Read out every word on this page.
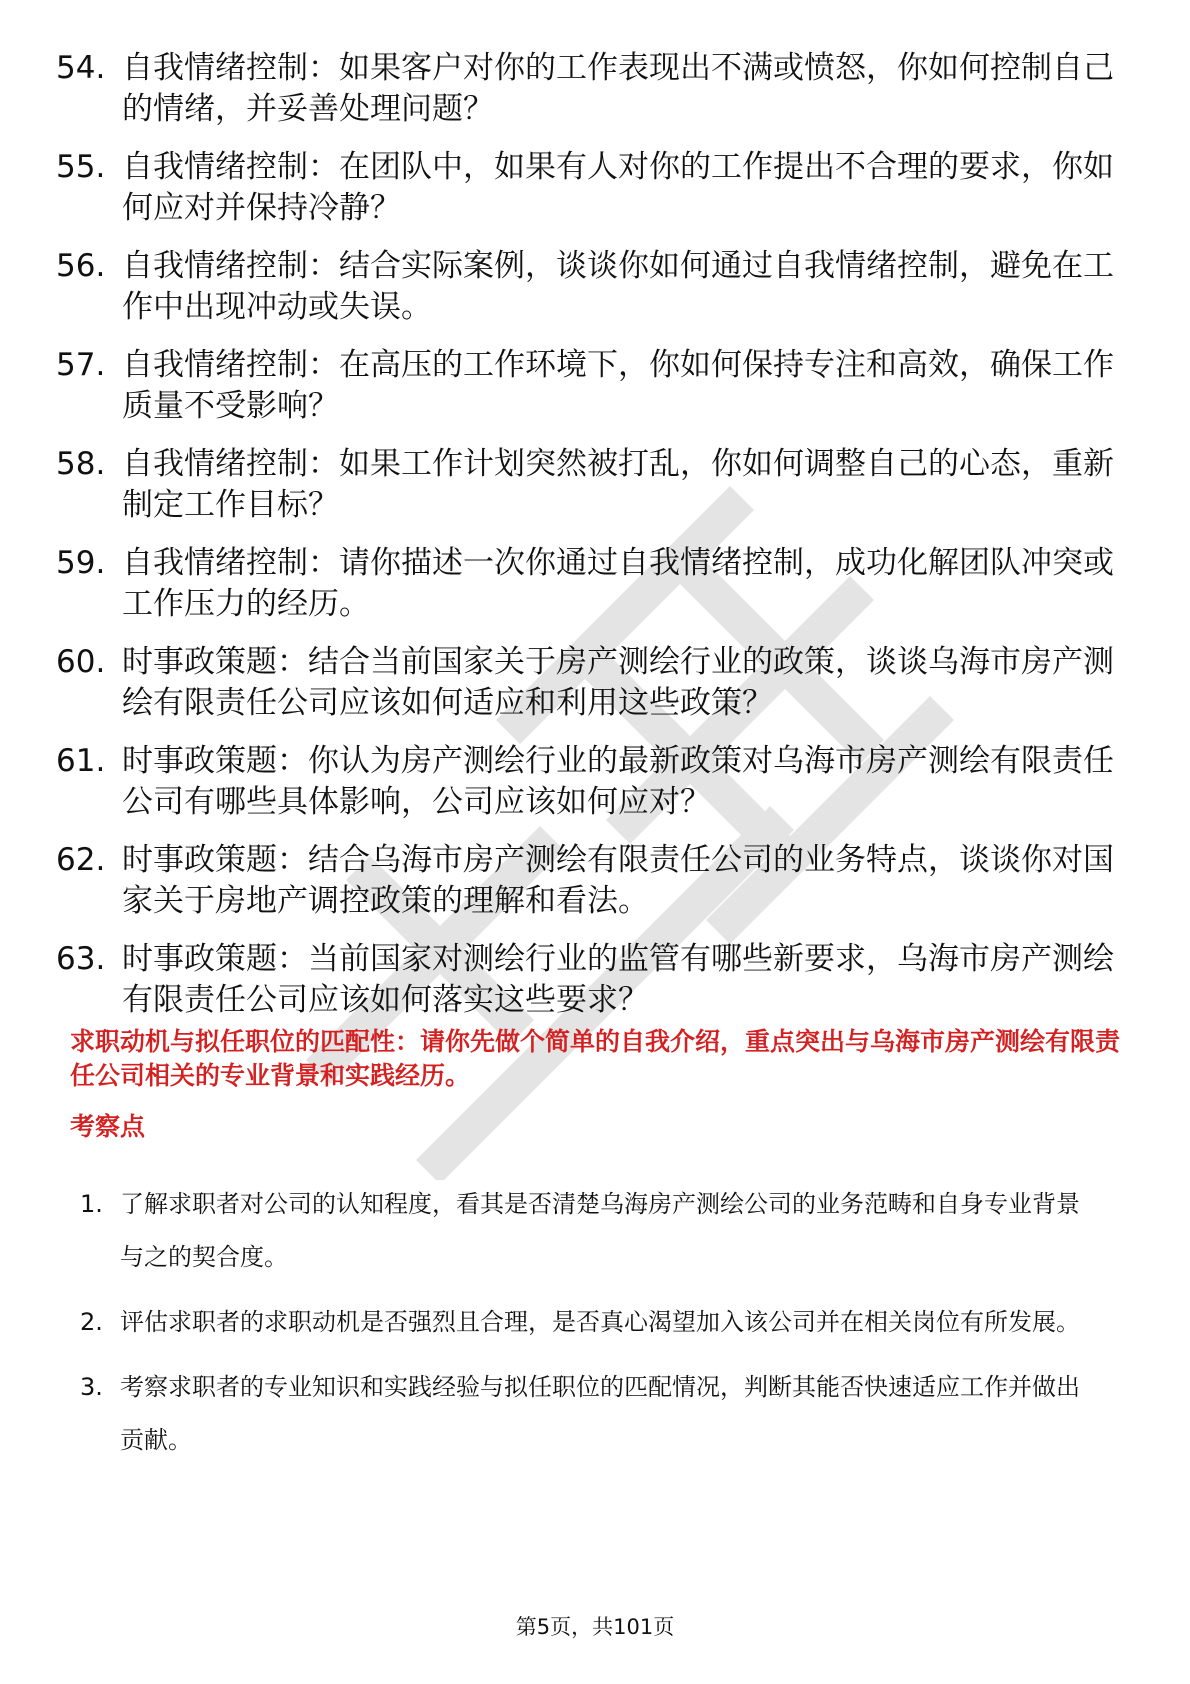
54. 自我情绪控制：如果客户对你的工作表现出不满或愤怒，你如何控制自己的情绪，并妥善处理问题？
55. 自我情绪控制：在团队中，如果有人对你的工作提出不合理的要求，你如何应对并保持冷静？
56. 自我情绪控制：结合实际案例，谈谈你如何通过自我情绪控制，避免在工作中出现冲动或失误。
57. 自我情绪控制：在高压的工作环境下，你如何保持专注和高效，确保工作质量不受影响？
58. 自我情绪控制：如果工作计划突然被打乱，你如何调整自己的心态，重新制定工作目标？
59. 自我情绪控制：请你描述一次你通过自我情绪控制，成功化解团队冲突或工作压力的经历。
60. 时事政策题：结合当前国家关于房产测绘行业的政策，谈谈乌海市房产测绘有限责任公司应该如何适应和利用这些政策？
61. 时事政策题：你认为房产测绘行业的最新政策对乌海市房产测绘有限责任公司有哪些具体影响，公司应该如何应对？
62. 时事政策题：结合乌海市房产测绘有限责任公司的业务特点，谈谈你对国家关于房地产调控政策的理解和看法。
63. 时事政策题：当前国家对测绘行业的监管有哪些新要求，乌海市房产测绘有限责任公司应该如何落实这些要求？

求职动机与拟任职位的匹配性：请你先做个简单的自我介绍，重点突出与乌海市房产测绘有限责任公司相关的专业背景和实践经历。

考察点

1. 了解求职者对公司的认知程度，看其是否清楚乌海房产测绘公司的业务范畴和自身专业背景与之的契合度。
2. 评估求职者的求职动机是否强烈且合理，是否真心渴望加入该公司并在相关岗位有所发展。
3. 考察求职者的专业知识和实践经验与拟任职位的匹配情况，判断其能否快速适应工作并做出贡献。
第5页，共101页
